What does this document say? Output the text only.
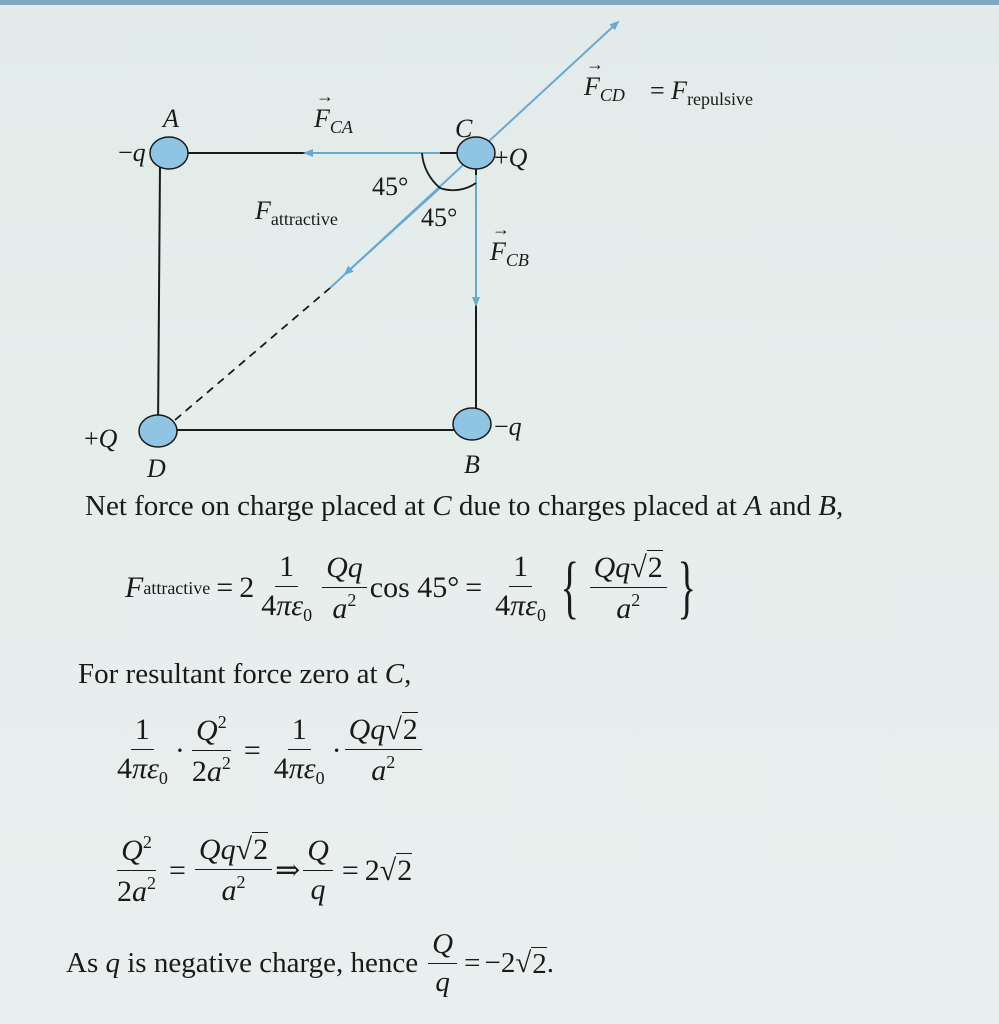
A	C
D	B
−q	+Q
+Q	−q
45°
45°
→
$F_{CA}$
→
$F_{CB}$
→
$F_{CD} = F_{repulsive}$
$F_{attractive}$
Net force on charge placed at C due to charges placed at A and B,
F attractive = $2 \frac{1}{4\pi\varepsilon_0} \frac{Qq}{a^2}$ $\cos 45^\circ = \frac{1}{4\pi\varepsilon_0}$ { $\frac{Qq√2}{a^2}$ }
For resultant force zero at C,
$\frac{1}{4\pi\varepsilon_0} \cdot \frac{Q^2}{2a^2} = \frac{1}{4\pi\varepsilon_0} \cdot \frac{Qq√2}{a^2}$
$\frac{Q^2}{2a^2} = \frac{Qq√2}{a^2}$ ⇒ $\frac{Q}{q} = 2$ √ 2
As
q
is negative charge, hence $\frac{Q}{q} = -2$ √ 2 .
